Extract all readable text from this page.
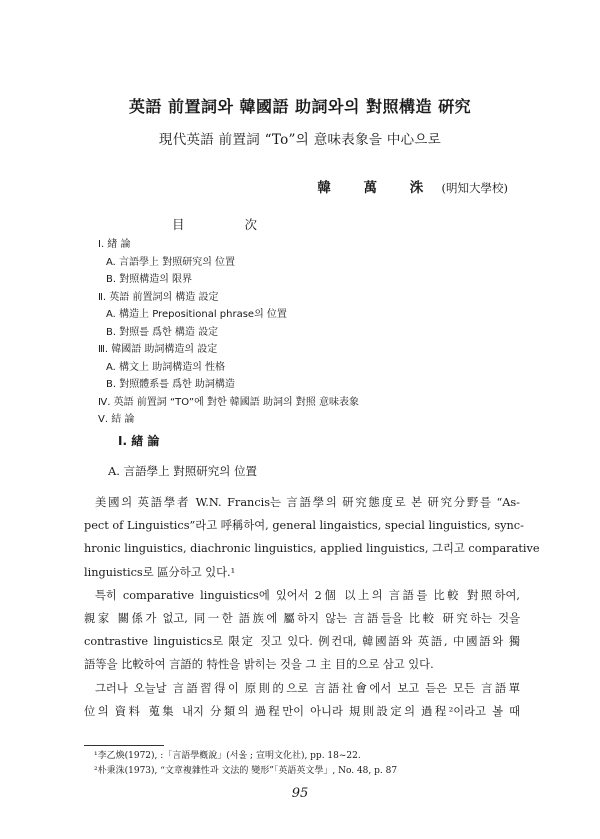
英語 前置詞와 韓國語 助詞와의 對照構造 硏究
現代英語 前置詞 “To”의 意味表象을 中心으로
韓 萬 洙 (明知大學校)
目 次
Ⅰ. 緖 論
A. 言語學上 對照研究의 位置
B. 對照構造의 限界
Ⅱ. 英語 前置詞의 構造 設定
A. 構造上 Prepositional phrase의 位置
B. 對照를 爲한 構造 設定
Ⅲ. 韓國語 助詞構造의 設定
A. 構文上 助詞構造의 性格
B. 對照體系를 爲한 助詞構造
Ⅳ. 英語 前置詞 “TO”에 對한 韓國語 助詞의 對照 意味表象
Ⅴ. 結 論
Ⅰ. 緖 論
A. 言語學上 對照研究의 位置
美國의 英語學者 W.N. Francis는 言語學의 研究態度로 본 研究分野를 “As-
pect of Linguistics”라고 呼稱하여, general lingaistics, special linguistics, sync-
hronic linguistics, diachronic linguistics, applied linguistics, 그리고 comparative
linguistics로 區分하고 있다.¹
특히 comparative linguistics에 있어서 2個 以上의 言語를 比較 對照하여,
親家 關係가 없고, 同一한 語族에 屬하지 않는 言語들을 比較 研究하는 것을
contrastive linguistics로 限定 짓고 있다. 例컨대, 韓國語와 英語, 中國語와 獨
語等을 比較하여 言語的 特性을 밝히는 것을 그 主 目的으로 삼고 있다.
그러나 오늘날 言語習得이 原則的으로 言語社會에서 보고 듣은 모든 言語單
位의 資料 蒐集 내지 分類의 過程만이 아니라 規則設定의 過程²이라고 볼 때
¹李乙煥(1972), :「言語學槪說」(서울 ; 宣明文化社), pp. 18~22.
²朴秉洙(1973), “文章複雜性과 文法的 變形”「英語英文學」, No. 48, p. 87
95
